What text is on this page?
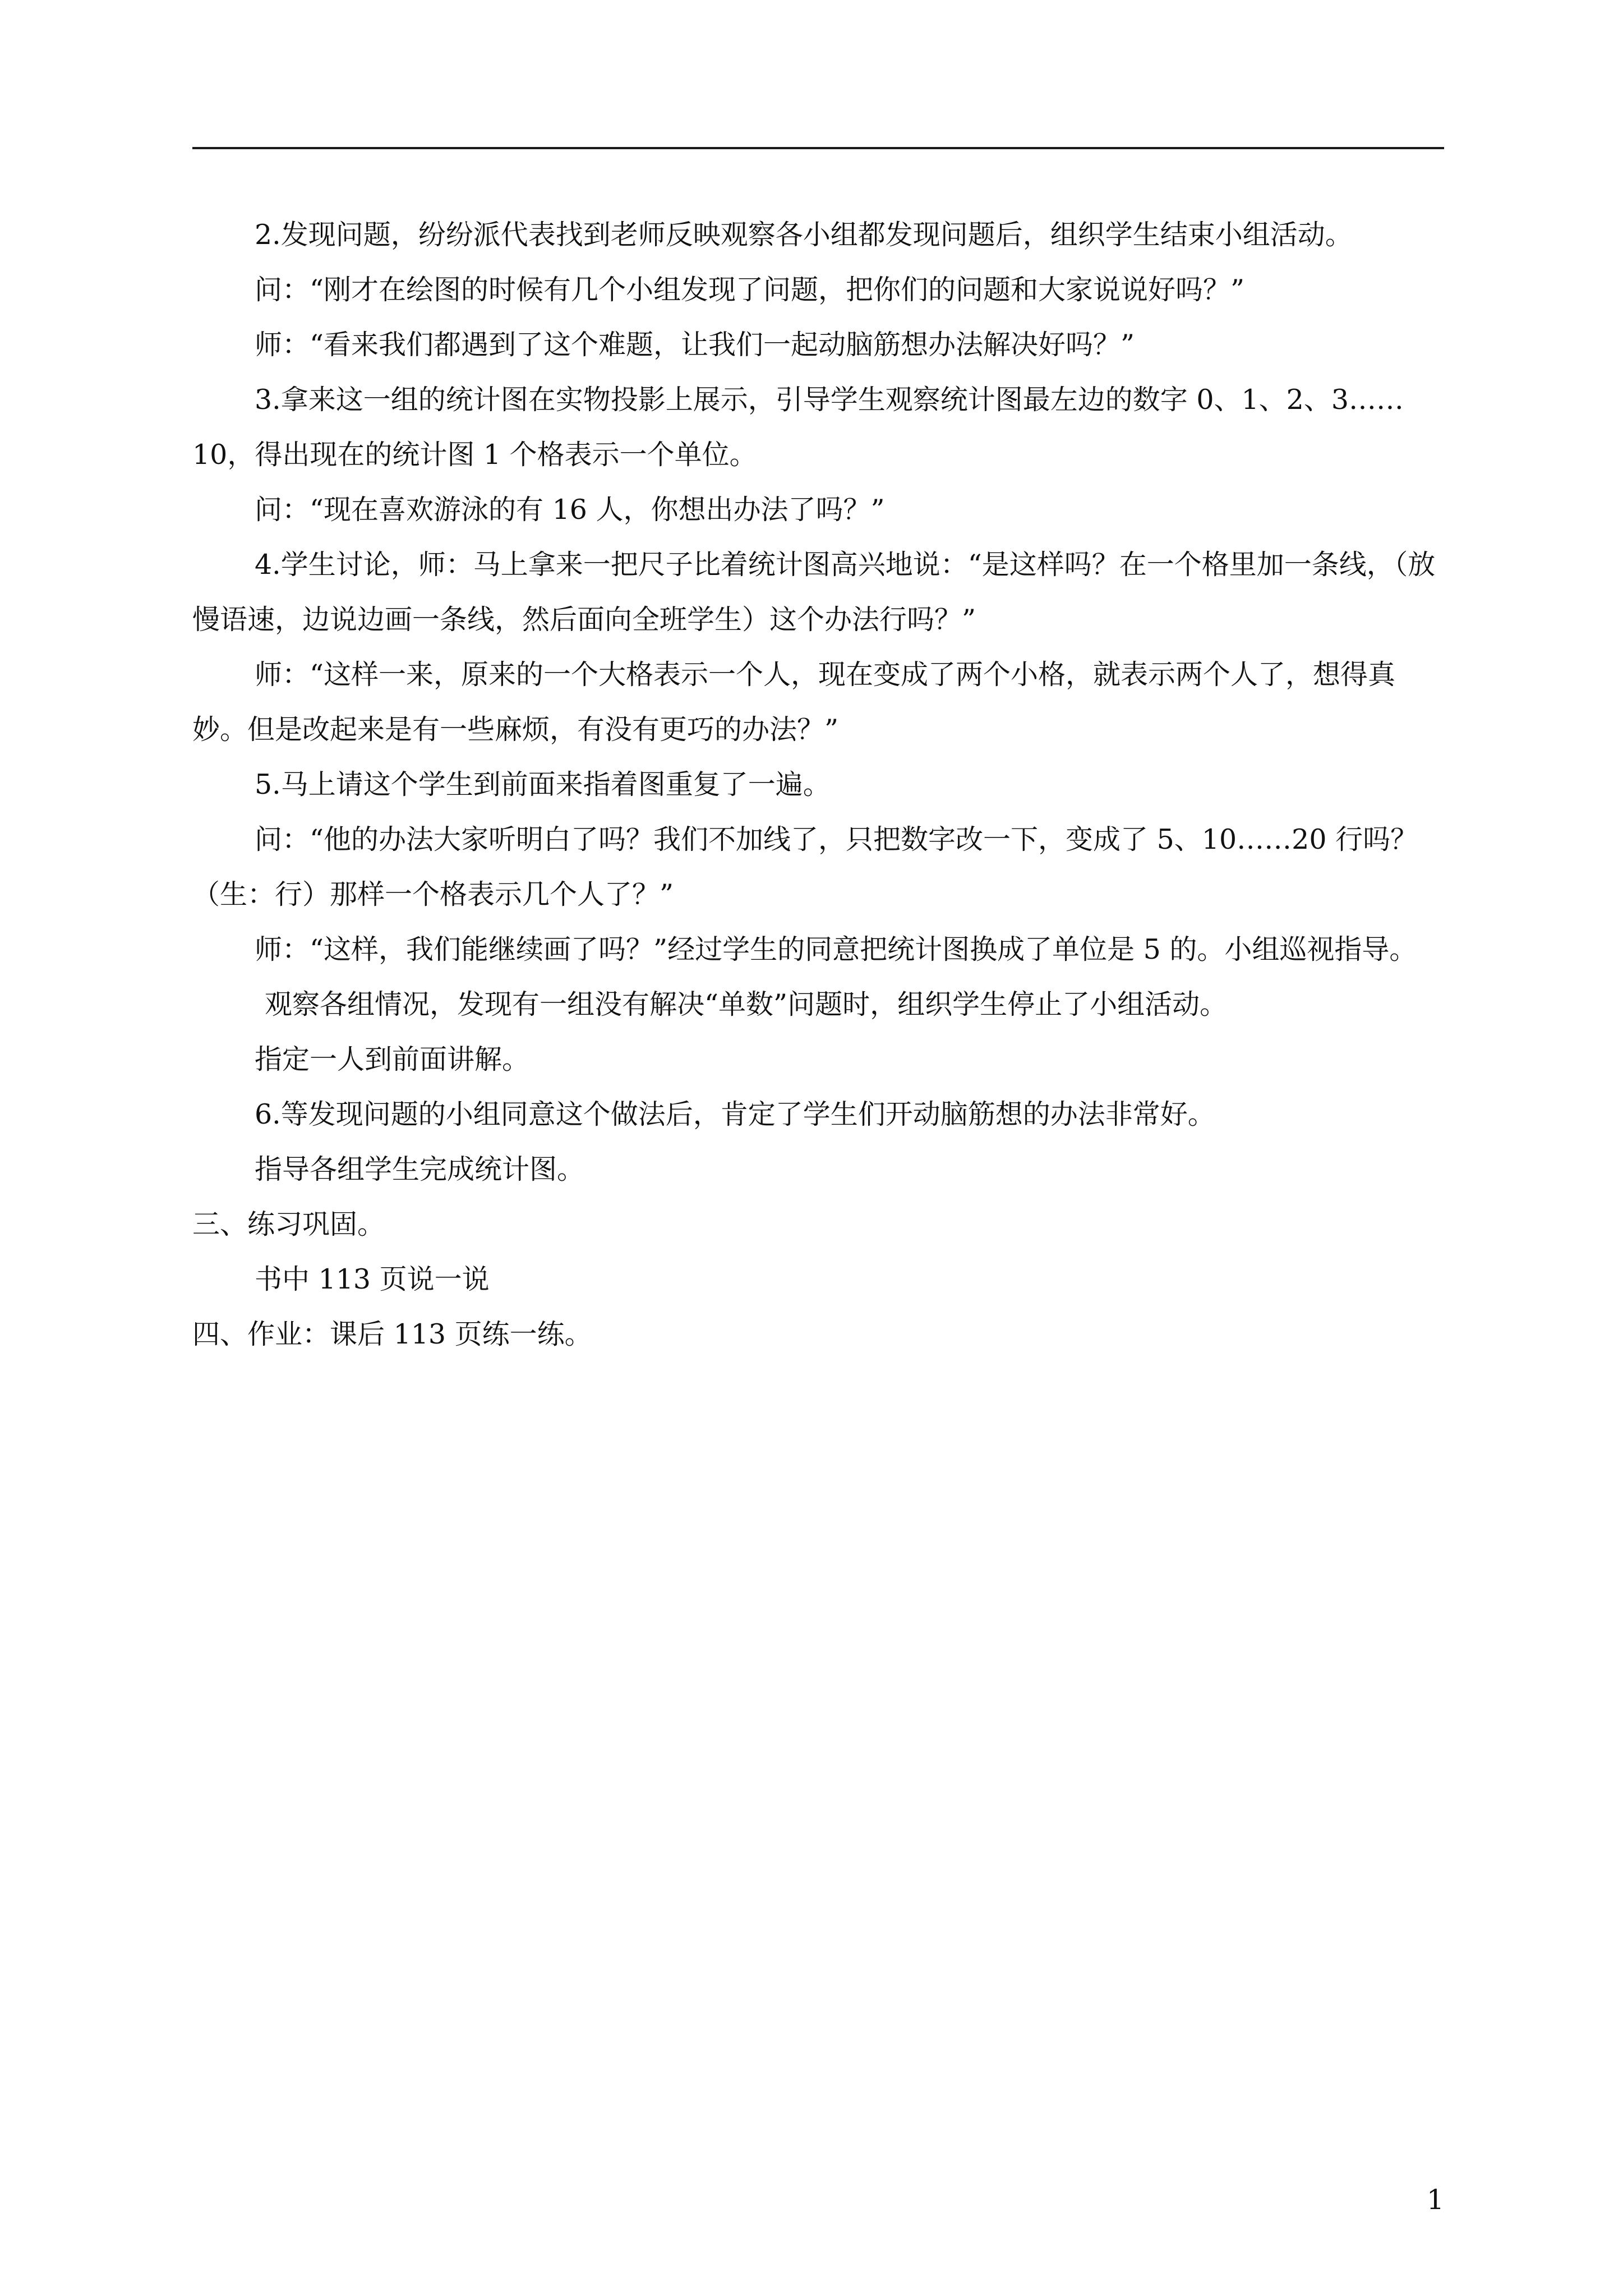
2.发现问题，纷纷派代表找到老师反映观察各小组都发现问题后，组织学生结束小组活动。

问：“刚才在绘图的时候有几个小组发现了问题，把你们的问题和大家说说好吗？”

师：“看来我们都遇到了这个难题，让我们一起动脑筋想办法解决好吗？”

3.拿来这一组的统计图在实物投影上展示，引导学生观察统计图最左边的数字 0、1、2、3……10，得出现在的统计图 1 个格表示一个单位。

问：“现在喜欢游泳的有 16 人，你想出办法了吗？”

4.学生讨论，师：马上拿来一把尺子比着统计图高兴地说：“是这样吗？在一个格里加一条线，（放慢语速，边说边画一条线，然后面向全班学生）这个办法行吗？”

师：“这样一来，原来的一个大格表示一个人，现在变成了两个小格，就表示两个人了，想得真妙。但是改起来是有一些麻烦，有没有更巧的办法？”

5.马上请这个学生到前面来指着图重复了一遍。

问：“他的办法大家听明白了吗？我们不加线了，只把数字改一下，变成了 5、10……20 行吗？（生：行）那样一个格表示几个人了？”

师：“这样，我们能继续画了吗？”经过学生的同意把统计图换成了单位是 5 的。小组巡视指导。

观察各组情况，发现有一组没有解决“单数”问题时，组织学生停止了小组活动。

指定一人到前面讲解。

6.等发现问题的小组同意这个做法后，肯定了学生们开动脑筋想的办法非常好。

指导各组学生完成统计图。

三、练习巩固。

书中 113 页说一说

四、作业：课后 113 页练一练。

1
